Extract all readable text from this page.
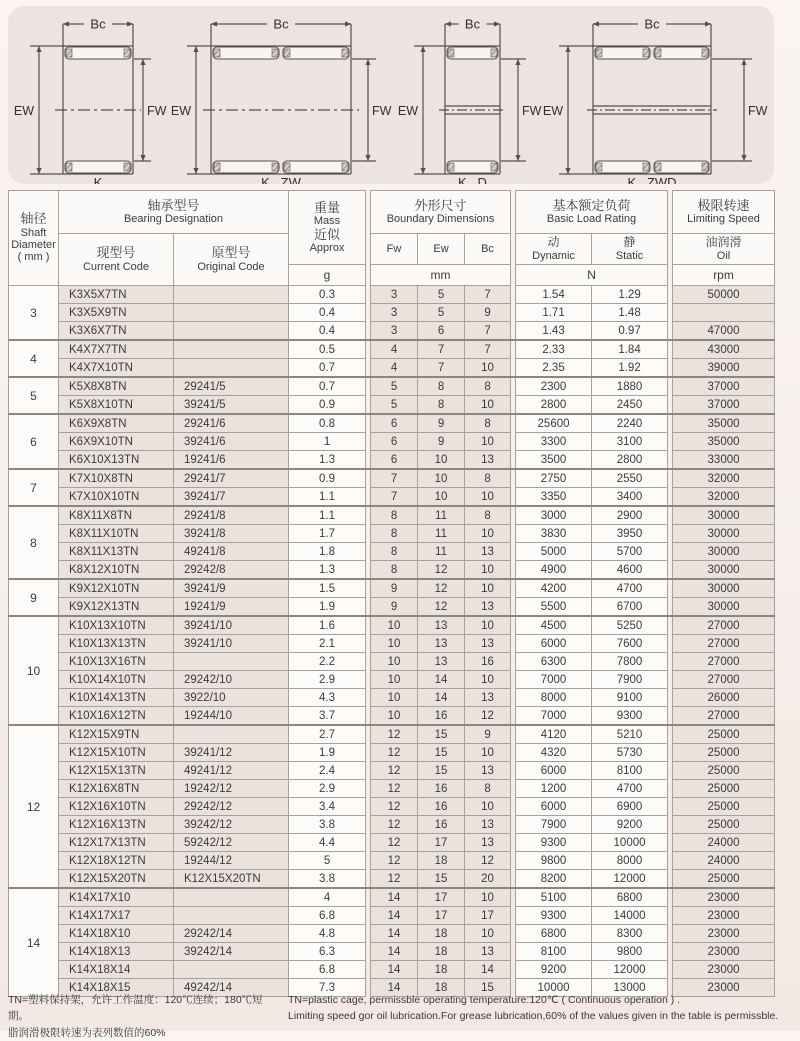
Bc
EW	FW
K
Bc
EW	FW
K...ZW
Bc
EW	FW
K...D
Bc
EW	FW
K...ZWD
轴径
Shaft
Diameter
( mm )

轴承型号
Bearing Designation

重量
Mass
近似
Approx

外形尺寸
Boundary Dimensions

基本额定负荷
Basic Load Rating

极限转速
Limiting Speed

现型号
Current Code

原型号
Original Code

Fw	Ew	Bc	动
Dynamic

静
Static

油润滑
Oil

			g		mm				N			rpm
3	K3X5X7TN		0.3		3	5	7		1.54	1.29		50000
	K3X5X9TN		0.4		3	5	9		1.71	1.48		
	K3X6X7TN		0.4		3	6	7		1.43	0.97		47000
4	K4X7X7TN		0.5		4	7	7		2.33	1.84		43000
	K4X7X10TN		0.7		4	7	10		2.35	1.92		39000
5	K5X8X8TN	29241/5	0.7		5	8	8		2300	1880		37000
	K5X8X10TN	39241/5	0.9		5	8	10		2800	2450		37000
6	K6X9X8TN	29241/6	0.8		6	9	8		25600	2240		35000
	K6X9X10TN	39241/6	1		6	9	10		3300	3100		35000
	K6X10X13TN	19241/6	1.3		6	10	13		3500	2800		33000
7	K7X10X8TN	29241/7	0.9		7	10	8		2750	2550		32000
	K7X10X10TN	39241/7	1.1		7	10	10		3350	3400		32000
8	K8X11X8TN	29241/8	1.1		8	11	8		3000	2900		30000
	K8X11X10TN	39241/8	1.7		8	11	10		3830	3950		30000
	K8X11X13TN	49241/8	1.8		8	11	13		5000	5700		30000
	K8X12X10TN	29242/8	1.3		8	12	10		4900	4600		30000
9	K9X12X10TN	39241/9	1.5		9	12	10		4200	4700		30000
	K9X12X13TN	19241/9	1.9		9	12	13		5500	6700		30000
10	K10X13X10TN	39241/10	1.6		10	13	10		4500	5250		27000
	K10X13X13TN	39241/10	2.1		10	13	13		6000	7600		27000
	K10X13X16TN		2.2		10	13	16		6300	7800		27000
	K10X14X10TN	29242/10	2.9		10	14	10		7000	7900		27000
	K10X14X13TN	3922/10	4.3		10	14	13		8000	9100		26000
	K10X16X12TN	19244/10	3.7		10	16	12		7000	9300		27000
12	K12X15X9TN		2.7		12	15	9		4120	5210		25000
	K12X15X10TN	39241/12	1.9		12	15	10		4320	5730		25000
	K12X15X13TN	49241/12	2.4		12	15	13		6000	8100		25000
	K12X16X8TN	19242/12	2.9		12	16	8		1200	4700		25000
	K12X16X10TN	29242/12	3.4		12	16	10		6000	6900		25000
	K12X16X13TN	39242/12	3.8		12	16	13		7900	9200		25000
	K12X17X13TN	59242/12	4.4		12	17	13		9300	10000		24000
	K12X18X12TN	19244/12	5		12	18	12		9800	8000		24000
	K12X15X20TN	K12X15X20TN	3.8		12	15	20		8200	12000		25000
14	K14X17X10		4		14	17	10		5100	6800		23000
	K14X17X17		6.8		14	17	17		9300	14000		23000
	K14X18X10	29242/14	4.8		14	18	10		6800	8300		23000
	K14X18X13	39242/14	6.3		14	18	13		8100	9800		23000
	K14X18X14		6.8		14	18	14		9200	12000		23000
	K14X18X15	49242/14	7.3		14	18	15		10000	13000		23000
TN=塑料保持架，允许工作温度：120℃连续；180℃短期。
脂润滑极限转速为表列数值的60%
TN=plastic cage, permissble operating temperature:120℃ ( Continuous operation ) .
Limiting speed gor oil lubrication.For grease lubrication,60% of the values given in the table is permissble.
